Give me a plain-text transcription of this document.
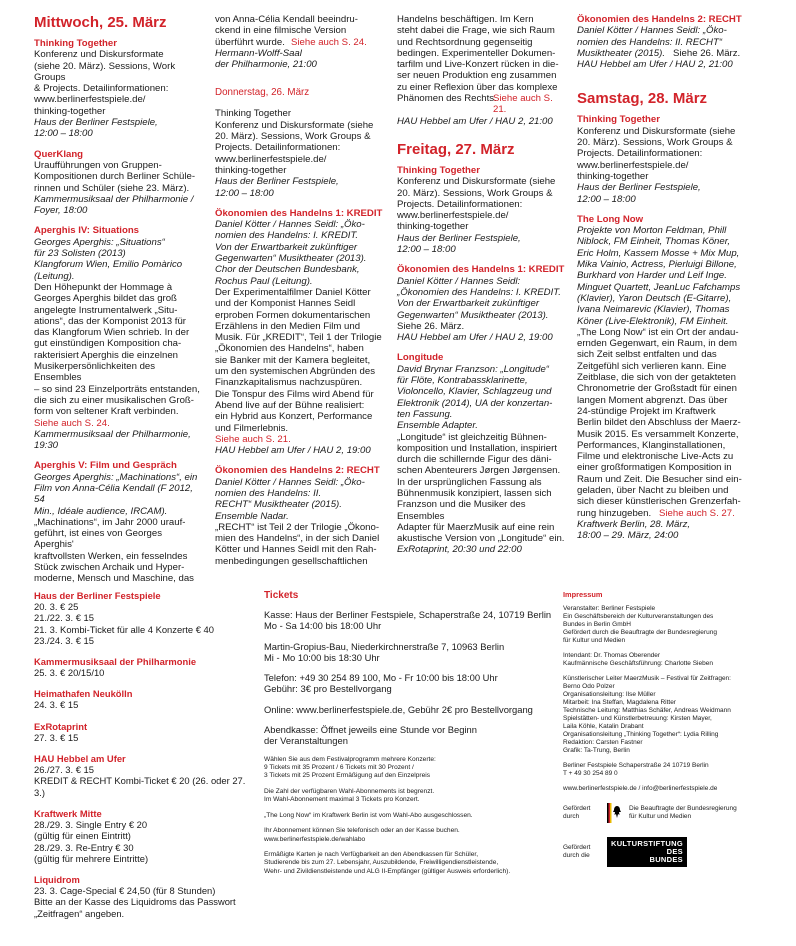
Mittwoch, 25. März
Thinking Together
Konferenz und Diskursformate
(siehe 20. März). Sessions, Work Groups
& Projects. Detailinformationen:
www.berlinerfestspiele.de/
thinking-together
Haus der Berliner Festspiele,
12:00 – 18:00
QuerKlang
Uraufführungen von Gruppen-
Kompositionen durch Berliner Schüle-
rinnen und Schüler (siehe 23. März).
Kammermusiksaal der Philharmonie /
Foyer, 18:00
Aperghis IV: Situations
Georges Aperghis: „Situations“
für 23 Solisten (2013)
Klangforum Wien, Emilio Pomàrico
(Leitung).
Den Höhepunkt der Hommage à
Georges Aperghis bildet das groß
angelegte Instrumentalwerk „Situ-
ations“, das der Komponist 2013 für
das Klangforum Wien schrieb. In der
gut einstündigen Komposition cha-
rakterisiert Aperghis die einzelnen
Musikerpersönlichkeiten des Ensembles
– so sind 23 Einzelporträts entstanden,
die sich zu einer musikalischen Groß-
form von seltener Kraft verbinden.
Siehe auch S. 24.
Kammermusiksaal der Philharmonie,
19:30
Aperghis V: Film und Gespräch
Georges Aperghis: „Machinations“, ein
Film von Anna-Célia Kendall (F 2012, 54
Min., Idéale audience, IRCAM).
„Machinations“, im Jahr 2000 urauf-
geführt, ist eines von Georges Aperghis'
kraftvollsten Werken, ein fesselndes
Stück zwischen Archaik und Hyper-
moderne, Mensch und Maschine, das
von Anna-Célia Kendall beeindru-
ckend in eine filmische Version
überführt wurde. Siehe auch S. 24.
Hermann-Wolff-Saal
der Philharmonie, 21:00
Donnerstag, 26. März
Thinking Together
Konferenz und Diskursformate (siehe
20. März). Sessions, Work Groups &
Projects. Detailinformationen:
www.berlinerfestspiele.de/
thinking-together
Haus der Berliner Festspiele,
12:00 – 18:00
Ökonomien des Handelns 1: KREDIT
Daniel Kötter / Hannes Seidl: „Öko-
nomien des Handelns: I. KREDIT.
Von der Erwartbarkeit zukünftiger
Gegenwarten“ Musiktheater (2013).
Chor der Deutschen Bundesbank,
Rochus Paul (Leitung).
Der Experimentalfilmer Daniel Kötter
und der Komponist Hannes Seidl
erproben Formen dokumentarischen
Erzählens in den Medien Film und
Musik. Für „KREDIT“, Teil 1 der Trilogie
„Ökonomien des Handelns“, haben
sie Banker mit der Kamera begleitet,
um den systemischen Abgründen des
Finanzkapitalismus nachzuspüren.
Die Tonspur des Films wird Abend für
Abend live auf der Bühne realisiert:
ein Hybrid aus Konzert, Performance
und Filmerlebnis.
Siehe auch S. 21.
HAU Hebbel am Ufer / HAU 2, 19:00
Ökonomien des Handelns 2: RECHT
Daniel Kötter / Hannes Seidl: „Öko-
nomien des Handelns: II.
RECHT“ Musiktheater (2015).
Ensemble Nadar.
„RECHT“ ist Teil 2 der Trilogie „Ökono-
mien des Handelns“, in der sich Daniel
Kötter und Hannes Seidl mit den Rah-
menbedingungen gesellschaftlichen
Handelns beschäftigen. Im Kern
steht dabei die Frage, wie sich Raum
und Rechtsordnung gegenseitig
bedingen. Experimenteller Dokumen-
tarfilm und Live-Konzert rücken in die-
ser neuen Produktion eng zusammen
zu einer Reflexion über das komplexe
Phänomen des Rechts.
Siehe auch S. 21.
HAU Hebbel am Ufer / HAU 2, 21:00
Freitag, 27. März
Thinking Together
Konferenz und Diskursformate (siehe
20. März). Sessions, Work Groups &
Projects. Detailinformationen:
www.berlinerfestspiele.de/
thinking-together
Haus der Berliner Festspiele,
12:00 – 18:00
Ökonomien des Handelns 1: KREDIT
Daniel Kötter / Hannes Seidl:
„Ökonomien des Handelns: I. KREDIT.
Von der Erwartbarkeit zukünftiger
Gegenwarten“ Musiktheater (2013).
Siehe 26. März.
HAU Hebbel am Ufer / HAU 2, 19:00
Longitude
David Brynar Franzson: „Longitude“
für Flöte, Kontrabassklarinette,
Violoncello, Klavier, Schlagzeug und
Elektronik (2014), UA der konzertan-
ten Fassung.
Ensemble Adapter.
„Longitude“ ist gleichzeitig Bühnen-
komposition und Installation, inspiriert
durch die schillernde Figur des däni-
schen Abenteurers Jørgen Jørgensen.
In der ursprünglichen Fassung als
Bühnenmusik konzipiert, lassen sich
Franzson und die Musiker des Ensembles
Adapter für MaerzMusik auf eine rein
akustische Version von „Longitude“ ein.
ExRotaprint, 20:30 und 22:00
Ökonomien des Handelns 2: RECHT
Daniel Kötter / Hannes Seidl: „Öko-
nomien des Handelns: II. RECHT“
Musiktheater (2015). Siehe 26. März.
HAU Hebbel am Ufer / HAU 2, 21:00
Samstag, 28. März
Thinking Together
Konferenz und Diskursformate (siehe
20. März). Sessions, Work Groups &
Projects. Detailinformationen:
www.berlinerfestspiele.de/
thinking-together
Haus der Berliner Festspiele,
12:00 – 18:00
The Long Now
Projekte von Morton Feldman, Phill
Niblock, FM Einheit, Thomas Köner,
Eric Holm, Kassem Mosse + Mix Mup,
Mika Vainio, Actress, Pierluigi Billone,
Burkhard von Harder und Leif Inge.
Minguet Quartett, JeanLuc Fafchamps
(Klavier), Yaron Deutsch (E-Gitarre),
Ivana Neimarevic (Klavier), Thomas
Köner (Live-Elektronik), FM Einheit.
„The Long Now“ ist ein Ort der andau-
ernden Gegenwart, ein Raum, in dem
sich Zeit selbst entfalten und das
Zeitgefühl sich verlieren kann. Eine
Zeitblase, die sich von der getakteten
Chronometrie der Großstadt für einen
langen Moment abgrenzt. Das über
24-stündige Projekt im Kraftwerk
Berlin bildet den Abschluss der Maerz-
Musik 2015. Es versammelt Konzerte,
Performances, Klanginstallationen,
Filme und elektronische Live-Acts zu
einer großformatigen Komposition in
Raum und Zeit. Die Besucher sind ein-
geladen, über Nacht zu bleiben und
sich dieser künstlerischen Grenzerfah-
rung hinzugeben. Siehe auch S. 27.
Kraftwerk Berlin, 28. März,
18:00 – 29. März, 24:00
Haus der Berliner Festspiele
20. 3. € 25
21./22. 3. € 15
21. 3. Kombi-Ticket für alle 4 Konzerte € 40
23./24. 3. € 15
Kammermusiksaal der Philharmonie
25. 3. € 20/15/10
Heimathafen Neukölln
24. 3. € 15
ExRotaprint
27. 3. € 15
HAU Hebbel am Ufer
26./27. 3. € 15
KREDIT & RECHT Kombi-Ticket € 20 (26. oder 27. 3.)
Kraftwerk Mitte
28./29. 3. Single Entry € 20
(gültig für einen Eintritt)
28./29. 3. Re-Entry € 30
(gültig für mehrere Eintritte)
Liquidrom
23. 3. Cage-Special € 24,50 (für 8 Stunden)
Bitte an der Kasse des Liquidroms das Passwort
„Zeitfragen“ angeben.
Tickets
Kasse: Haus der Berliner Festspiele, Schaperstraße 24, 10719 Berlin
Mo - Sa 14:00 bis 18:00 Uhr
Martin-Gropius-Bau, Niederkirchnerstraße 7, 10963 Berlin
Mi - Mo 10:00 bis 18:30 Uhr
Telefon: +49 30 254 89 100, Mo - Fr 10:00 bis 18:00 Uhr
Gebühr: 3€ pro Bestellvorgang
Online: www.berlinerfestspiele.de, Gebühr 2€ pro Bestellvorgang
Abendkasse: Öffnet jeweils eine Stunde vor Beginn
der Veranstaltungen
Wählen Sie aus dem Festivalprogramm mehrere Konzerte:
9 Tickets mit 35 Prozent / 6 Tickets mit 30 Prozent /
3 Tickets mit 25 Prozent Ermäßigung auf den Einzelpreis
Die Zahl der verfügbaren Wahl-Abonnements ist begrenzt.
Im Wahl-Abonnement maximal 3 Tickets pro Konzert.
„The Long Now“ im Kraftwerk Berlin ist vom Wahl-Abo ausgeschlossen.
Ihr Abonnement können Sie telefonisch oder an der Kasse buchen.
www.berlinerfestspiele.de/wahlabo
Ermäßigte Karten je nach Verfügbarkeit an den Abendkassen für Schüler,
Studierende bis zum 27. Lebensjahr, Auszubildende, Freiwilligendienstleistende,
Wehr- und Zivildienstleistende und ALG II-Empfänger (gültiger Ausweis erforderlich).
Impressum
Veranstalter: Berliner Festspiele
Ein Geschäftsbereich der Kulturveranstaltungen des
Bundes in Berlin GmbH
Gefördert durch die Beauftragte der Bundesregierung
für Kultur und Medien
Intendant: Dr. Thomas Oberender
Kaufmännische Geschäftsführung: Charlotte Sieben
Künstlerischer Leiter MaerzMusik – Festival für Zeitfragen:
Berno Odo Polzer
Organisationsleitung: Ilse Müller
Mitarbeit: Ina Steffan, Magdalena Ritter
Technische Leitung: Matthias Schäfer, Andreas Weidmann
Spielstätten- und Künstlerbetreuung: Kirsten Mayer,
Laila Köhle, Katalin Drabant
Organisationsleitung „Thinking Together“: Lydia Rilling
Redaktion: Carsten Fastner
Grafik: Ta-Trung, Berlin
Berliner Festspiele Schaperstraße 24 10719 Berlin
T + 49 30 254 89 0
www.berlinerfestspiele.de / info@berlinerfestspiele.de
Gefördert
durch
Die Beauftragte der Bundesregierung
für Kultur und Medien
Gefördert
durch die
KULTURSTIFTUNG
DES
BUNDES
